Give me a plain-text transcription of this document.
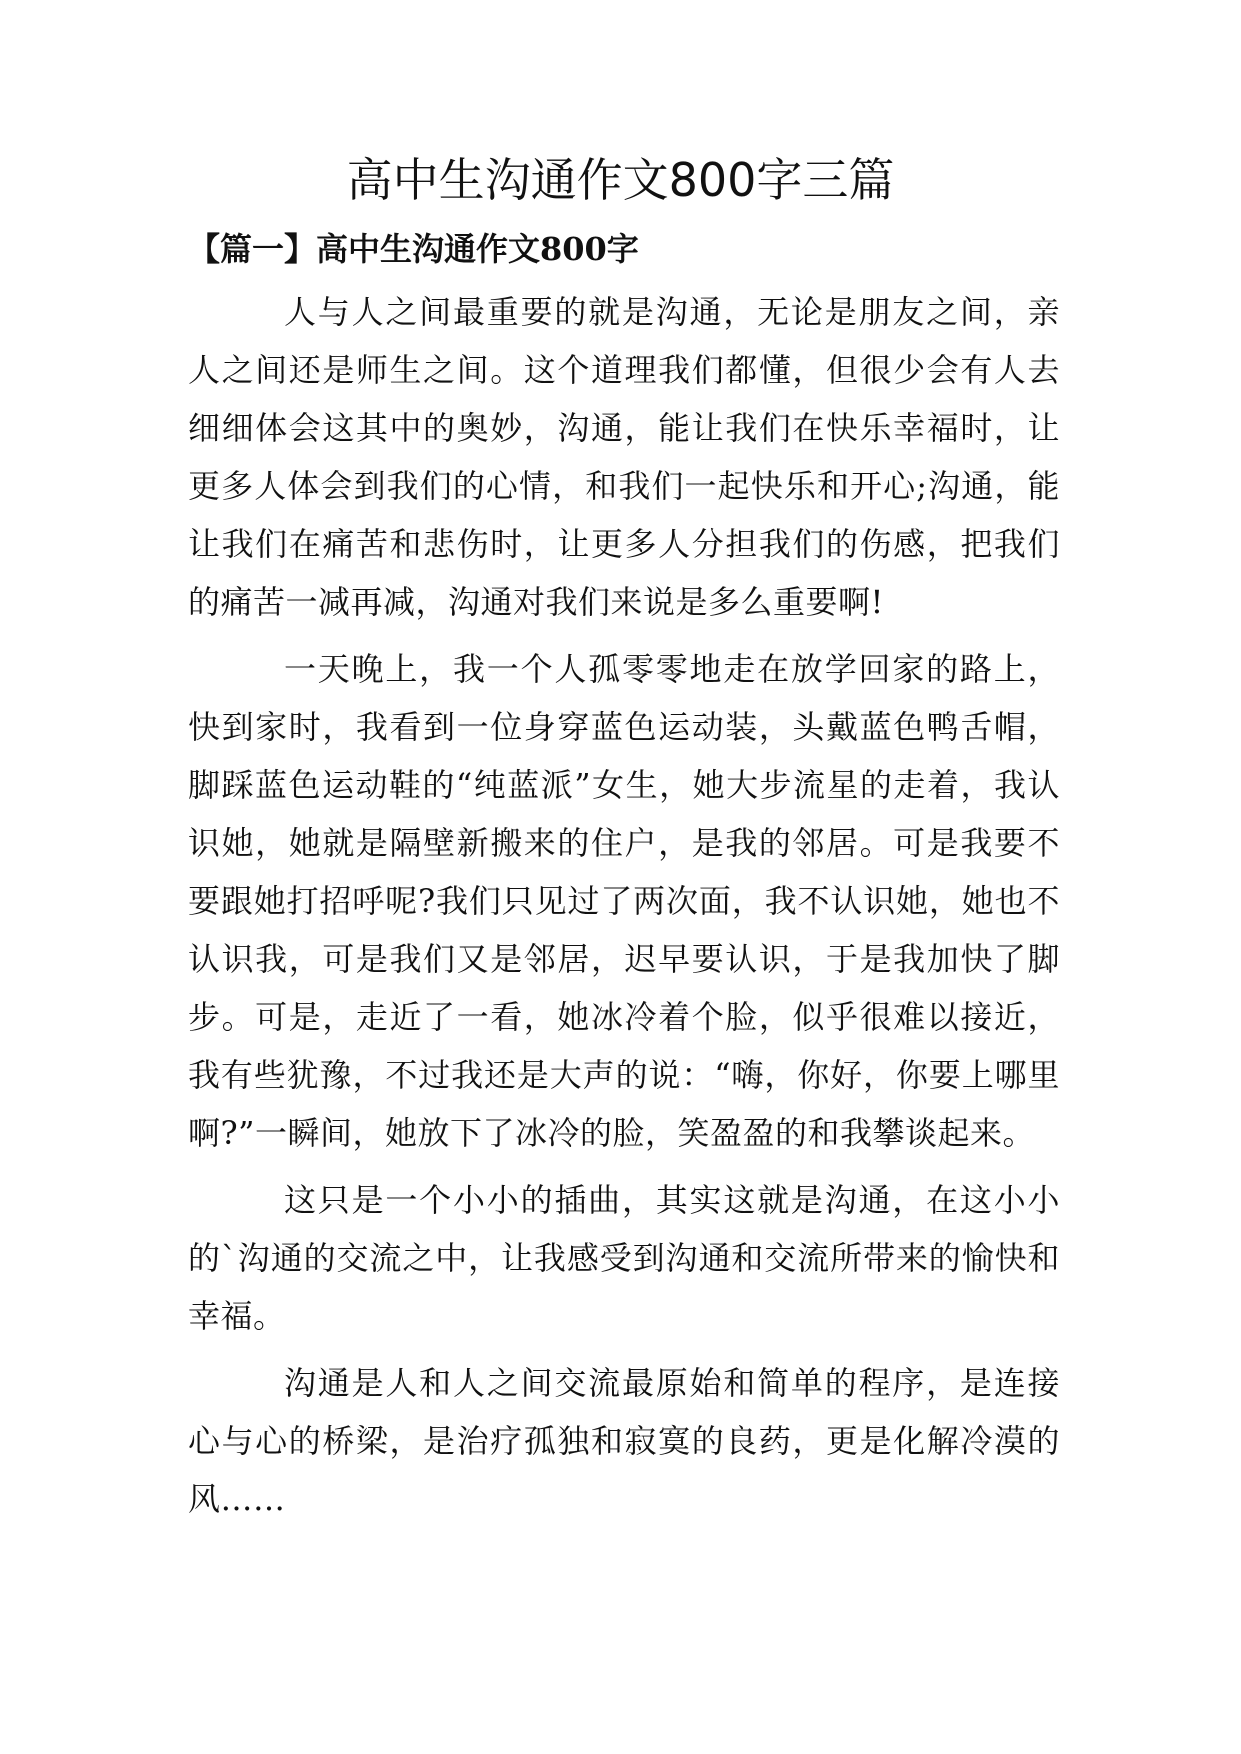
高中生沟通作文800字三篇
【篇一】高中生沟通作文800字

人与人之间最重要的就是沟通，无论是朋友之间，亲人之间还是师生之间。这个道理我们都懂，但很少会有人去细细体会这其中的奥妙，沟通，能让我们在快乐幸福时，让更多人体会到我们的心情，和我们一起快乐和开心;沟通，能让我们在痛苦和悲伤时，让更多人分担我们的伤感，把我们的痛苦一减再减，沟通对我们来说是多么重要啊!

一天晚上，我一个人孤零零地走在放学回家的路上，快到家时，我看到一位身穿蓝色运动装，头戴蓝色鸭舌帽，脚踩蓝色运动鞋的“纯蓝派”女生，她大步流星的走着，我认识她，她就是隔壁新搬来的住户，是我的邻居。可是我要不要跟她打招呼呢?我们只见过了两次面，我不认识她，她也不认识我，可是我们又是邻居，迟早要认识，于是我加快了脚步。可是，走近了一看，她冰冷着个脸，似乎很难以接近，我有些犹豫，不过我还是大声的说：“嗨，你好，你要上哪里啊?”一瞬间，她放下了冰冷的脸，笑盈盈的和我攀谈起来。

这只是一个小小的插曲，其实这就是沟通，在这小小的`沟通的交流之中，让我感受到沟通和交流所带来的愉快和幸福。

沟通是人和人之间交流最原始和简单的程序，是连接心与心的桥梁，是治疗孤独和寂寞的良药，更是化解冷漠的风……
